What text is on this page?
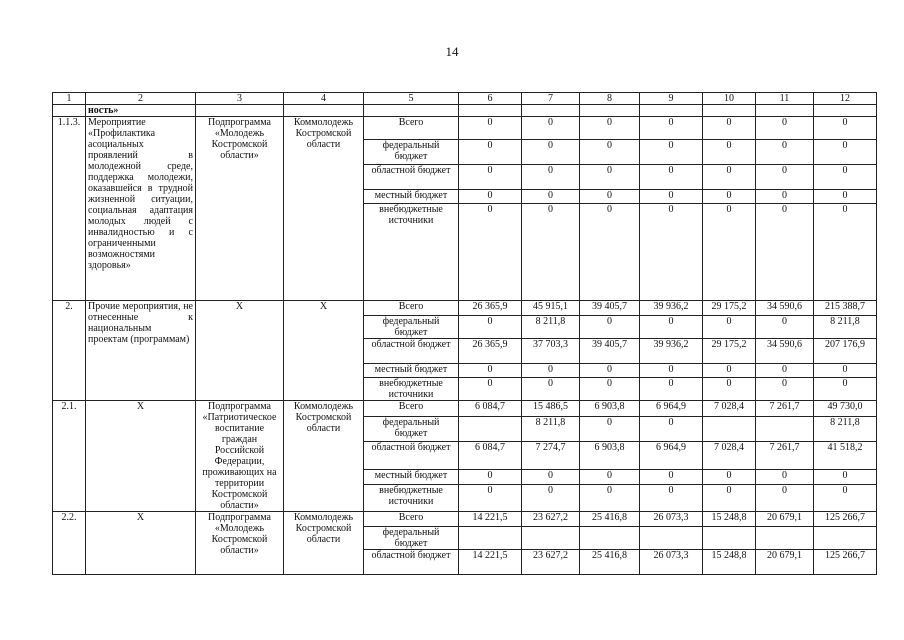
14
1	2	3	4	5	6	7	8	9	10	11	12
	ность»										
1.1.3.	Мероприятие «Профилактика асоциальных проявлений в молодежной среде, поддержка молодежи, оказавшейся в трудной жизненной ситуации, социальная адаптация молодых людей с инвалидностью и с ограниченными возможностями здоровья»	Подпрограмма «Молодежь Костромской области»	Коммолодежь Костромской области	Всего	0	0	0	0	0	0	0
				федеральный бюджет	0	0	0	0	0	0	0
				областной бюджет	0	0	0	0	0	0	0
				местный бюджет	0	0	0	0	0	0	0
				внебюджетные источники	0	0	0	0	0	0	0
2.	Прочие мероприятия, не отнесенные к национальным проектам (программам)	Х	Х	Всего	26 365,9	45 915,1	39 405,7	39 936,2	29 175,2	34 590,6	215 388,7
				федеральный бюджет	0	8 211,8	0	0	0	0	8 211,8
				областной бюджет	26 365,9	37 703,3	39 405,7	39 936,2	29 175,2	34 590,6	207 176,9
				местный бюджет	0	0	0	0	0	0	0
				внебюджетные источники	0	0	0	0	0	0	0
2.1.	Х	Подпрограмма «Патриотическое воспитание граждан Российской Федерации, проживающих на территории Костромской области»	Коммолодежь Костромской области	Всего	6 084,7	15 486,5	6 903,8	6 964,9	7 028,4	7 261,7	49 730,0
				федеральный бюджет		8 211,8	0	0			8 211,8
				областной бюджет	6 084,7	7 274,7	6 903,8	6 964,9	7 028,4	7 261,7	41 518,2
				местный бюджет	0	0	0	0	0	0	0
				внебюджетные источники	0	0	0	0	0	0	0
2.2.	Х	Подпрограмма «Молодежь Костромской области»	Коммолодежь Костромской области	Всего	14 221,5	23 627,2	25 416,8	26 073,3	15 248,8	20 679,1	125 266,7
				федеральный бюджет							
				областной бюджет	14 221,5	23 627,2	25 416,8	26 073,3	15 248,8	20 679,1	125 266,7
